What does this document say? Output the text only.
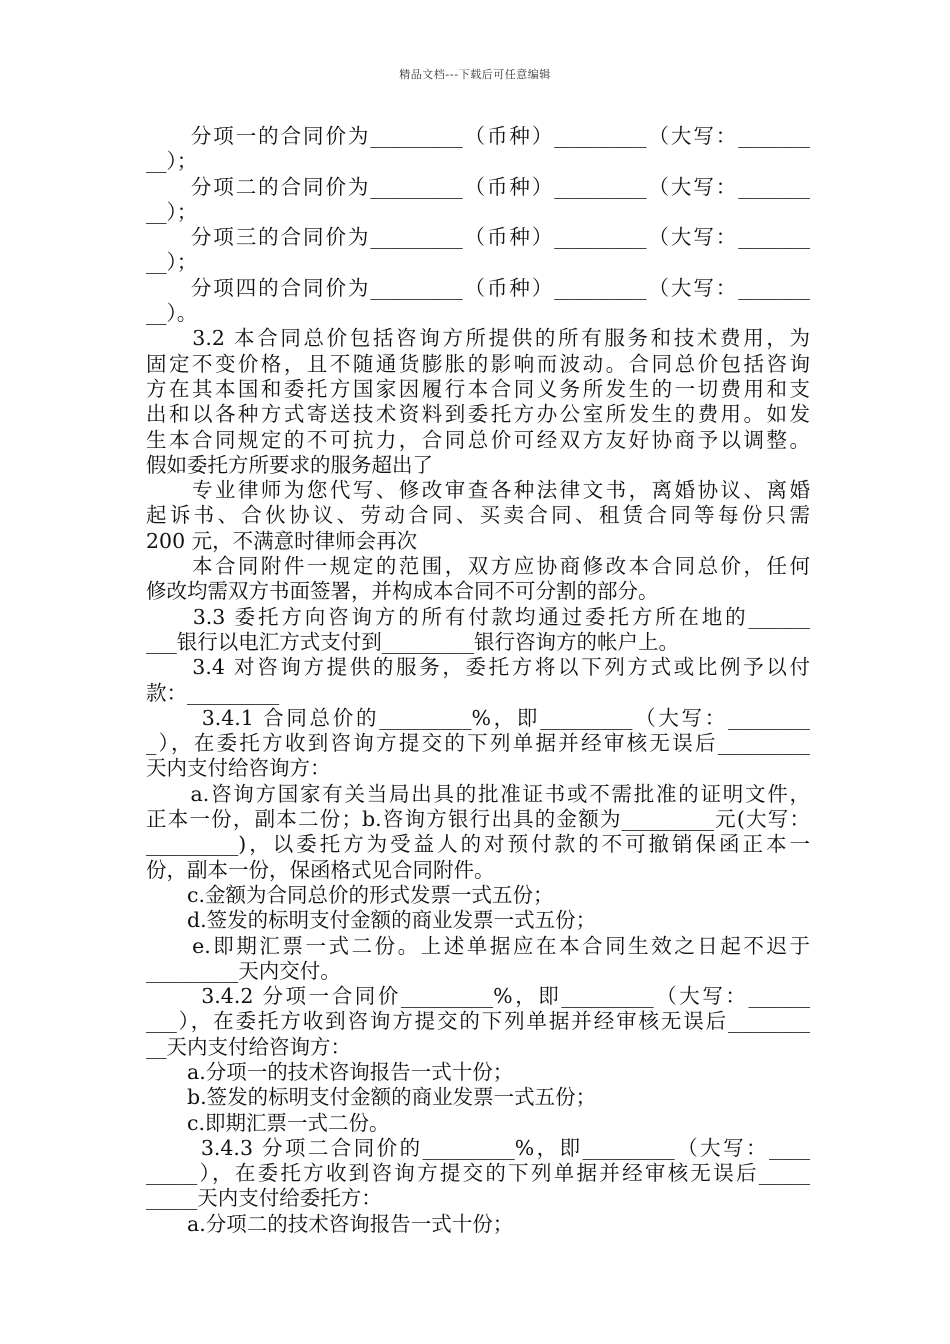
精品文档---下载后可任意编辑
　　分项一的合同价为_________（币种）_________（大写：_______
__）；
　　分项二的合同价为_________（币种）_________（大写：_______
__）；
　　分项三的合同价为_________（币种）_________（大写：_______
__）；
　　分项四的合同价为_________（币种）_________（大写：_______
__）。
　　3.2 本合同总价包括咨询方所提供的所有服务和技术费用，为
固定不变价格，且不随通货膨胀的影响而波动。合同总价包括咨询
方在其本国和委托方国家因履行本合同义务所发生的一切费用和支
出和以各种方式寄送技术资料到委托方办公室所发生的费用。如发
生本合同规定的不可抗力，合同总价可经双方友好协商予以调整。
假如委托方所要求的服务超出了
　　专业律师为您代写、修改审查各种法律文书，离婚协议、离婚
起诉书、合伙协议、劳动合同、买卖合同、租赁合同等每份只需
200 元，不满意时律师会再次
　　本合同附件一规定的范围，双方应协商修改本合同总价，任何
修改均需双方书面签署，并构成本合同不可分割的部分。
　　3.3 委托方向咨询方的所有付款均通过委托方所在地的______
___银行以电汇方式支付到_________银行咨询方的帐户上。
　　3.4 对咨询方提供的服务，委托方将以下列方式或比例予以付
款：_________
　　 3.4.1 合同总价的_________%，即_________（大写：________
_），在委托方收到咨询方提交的下列单据并经审核无误后_________
天内支付给咨询方：
　　a.咨询方国家有关当局出具的批准证书或不需批准的证明文件，
正本一份，副本二份；b.咨询方银行出具的金额为_________元(大写：
_________)，以委托方为受益人的对预付款的不可撤销保函正本一
份，副本一份，保函格式见合同附件。
　　c.金额为合同总价的形式发票一式五份；
　　d.签发的标明支付金额的商业发票一式五份；
　　e.即期汇票一式二份。上述单据应在本合同生效之日起不迟于
_________天内交付。
　　 3.4.2 分项一合同价_________%，即_________（大写：______
___），在委托方收到咨询方提交的下列单据并经审核无误后________
__天内支付给咨询方：
　　a.分项一的技术咨询报告一式十份；
　　b.签发的标明支付金额的商业发票一式五份；
　　c.即期汇票一式二份。
　　 3.4.3 分项二合同价的_________%，即_________（大写：____
_____），在委托方收到咨询方提交的下列单据并经审核无误后_____
_____天内支付给委托方：
　　a.分项二的技术咨询报告一式十份；
